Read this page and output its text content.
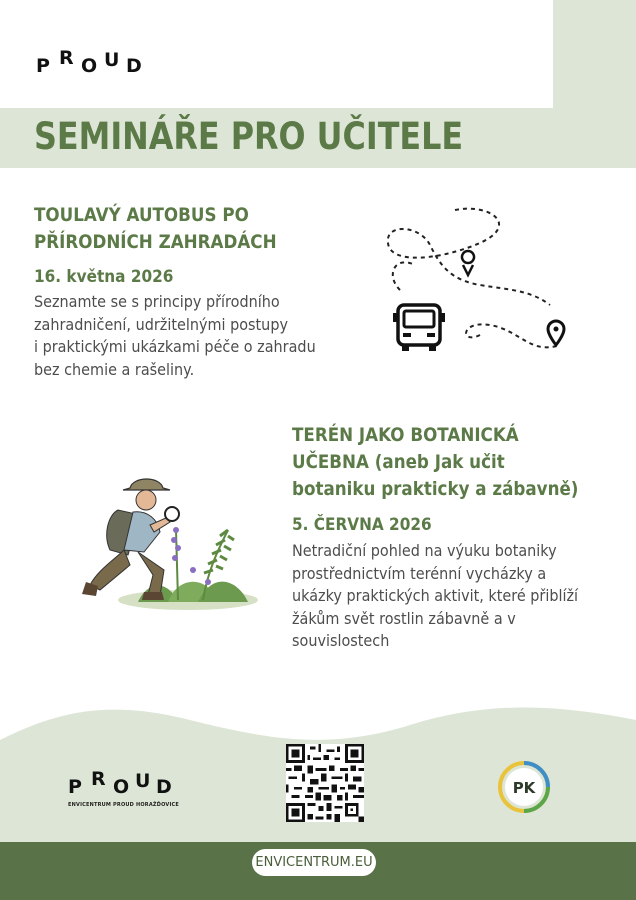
P R O U D
SEMINÁŘE PRO UČITELE
TOULAVÝ AUTOBUS PO
PŘÍRODNÍCH ZAHRADÁCH
16. května 2026
Seznamte se s principy přírodního
zahradničení, udržitelnými postupy
i praktickými ukázkami péče o zahradu
bez chemie a rašeliny.
TERÉN JAKO BOTANICKÁ
UČEBNA (aneb Jak učit
botaniku prakticky a zábavně)
5. ČERVNA 2026
Netradiční pohled na výuku botaniky
prostřednictvím terénní vycházky a
ukázky praktických aktivit, které přiblíží
žákům svět rostlin zábavně a v
souvislostech
P R O U D
ENVICENTRUM PROUD HORAŽĎOVICE
PK
ENVICENTRUM.EU
